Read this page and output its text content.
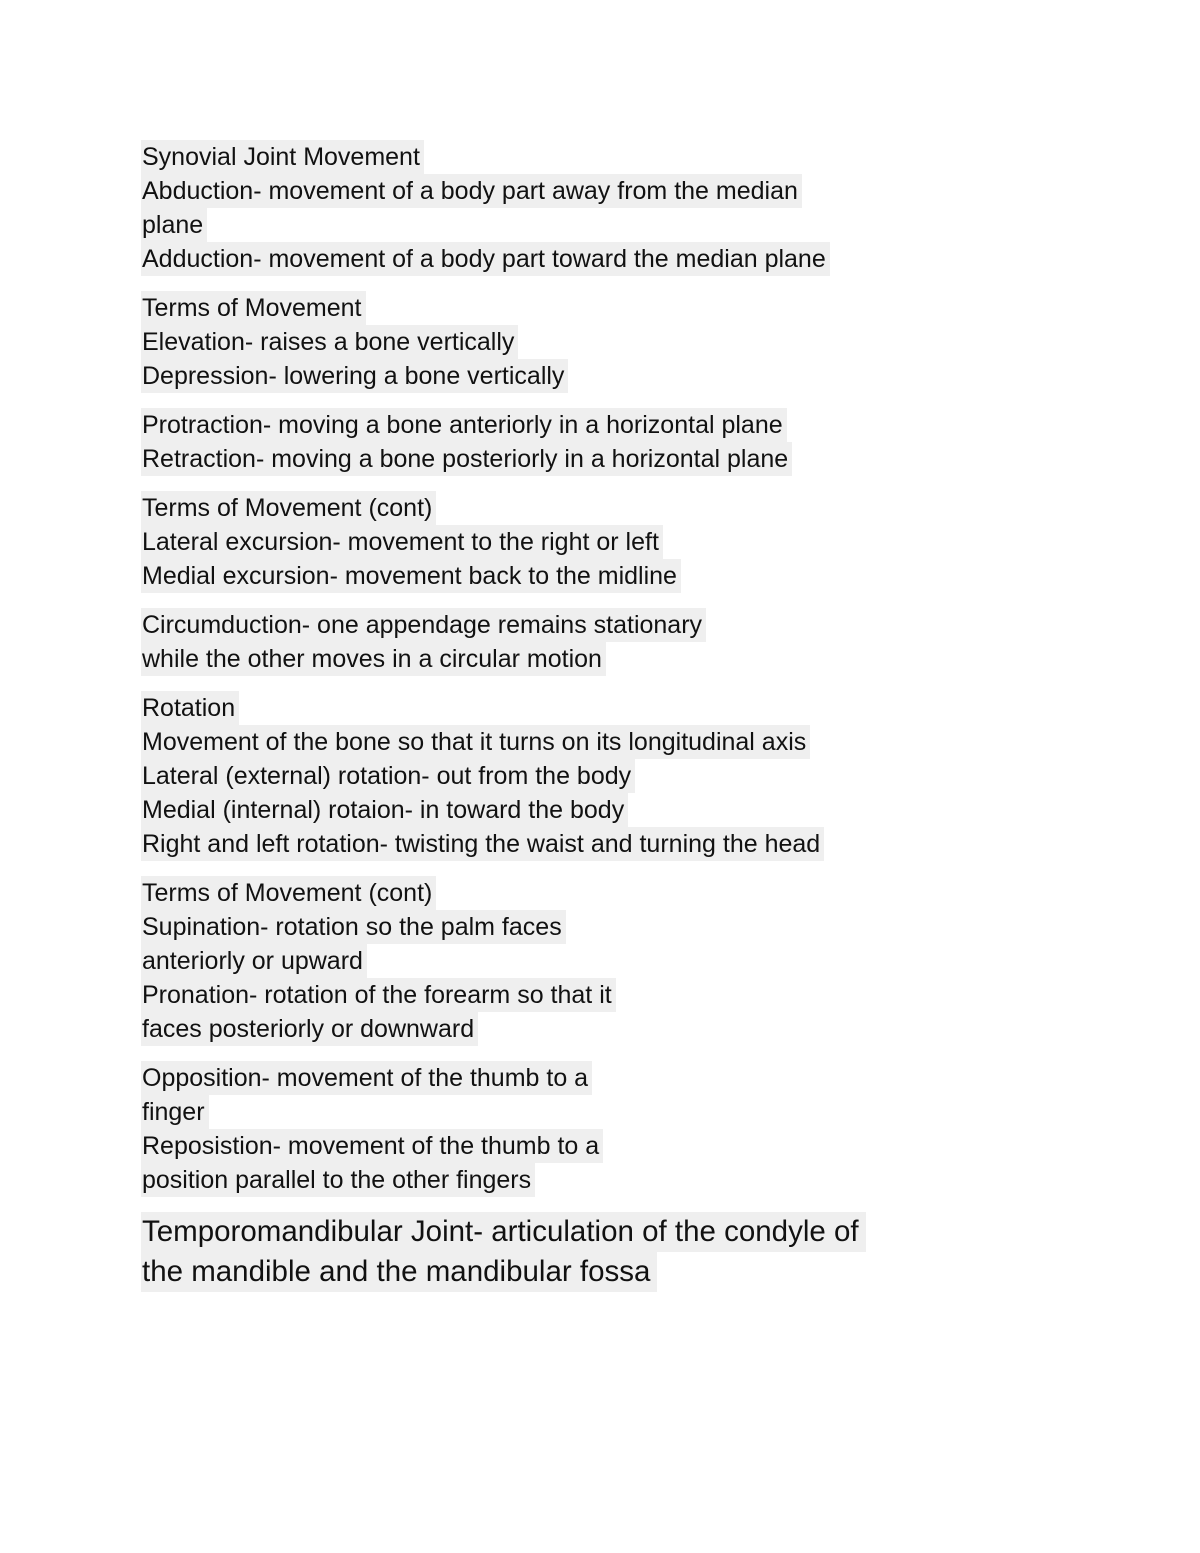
Synovial Joint Movement
Abduction- movement of a body part away from the median
plane
Adduction- movement of a body part toward the median plane
Terms of Movement
Elevation- raises a bone vertically
Depression- lowering a bone vertically
Protraction- moving a bone anteriorly in a horizontal plane
Retraction- moving a bone posteriorly in a horizontal plane
Terms of Movement (cont)
Lateral excursion- movement to the right or left
Medial excursion- movement back to the midline
Circumduction- one appendage remains stationary
while the other moves in a circular motion
Rotation
Movement of the bone so that it turns on its longitudinal axis
Lateral (external) rotation- out from the body
Medial (internal) rotaion- in toward the body
Right and left rotation- twisting the waist and turning the head
Terms of Movement (cont)
Supination- rotation so the palm faces
anteriorly or upward
Pronation- rotation of the forearm so that it
faces posteriorly or downward
Opposition- movement of the thumb to a
finger
Reposistion- movement of the thumb to a
position parallel to the other fingers
Temporomandibular Joint- articulation of the condyle of
the mandible and the mandibular fossa
